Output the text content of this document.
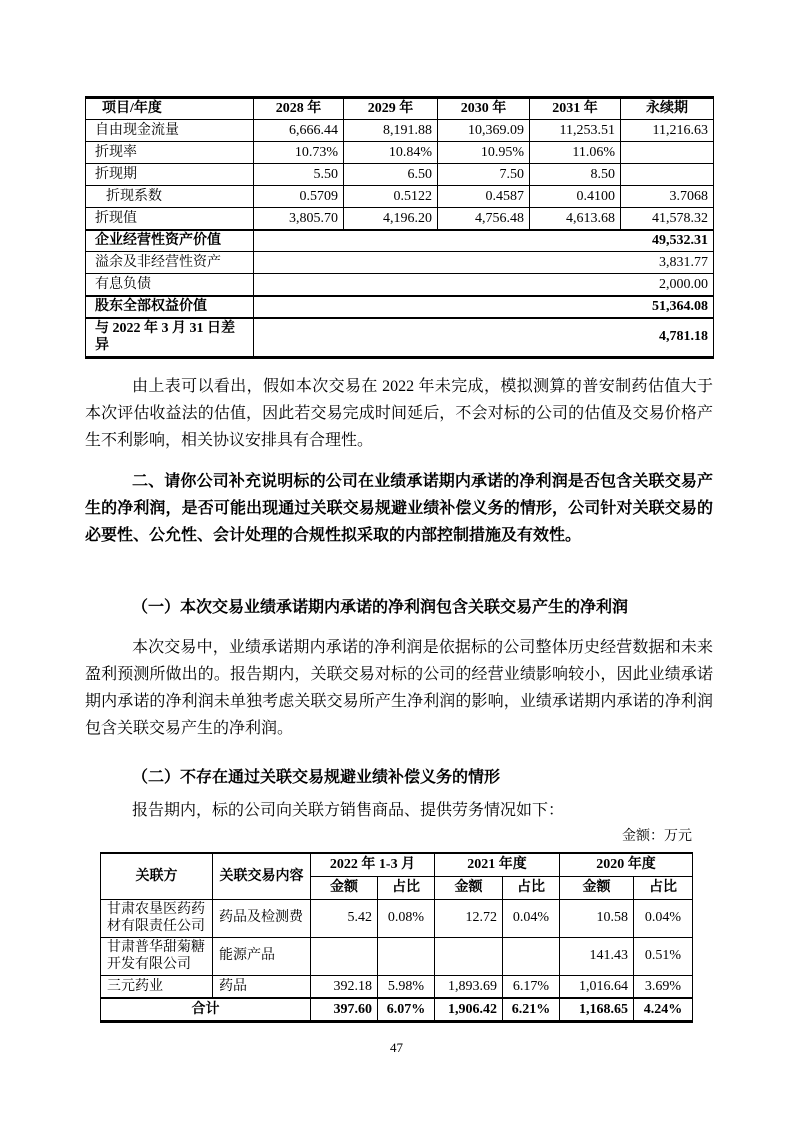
项目/年度	2028 年	2029 年	2030 年	2031 年	永续期
自由现金流量	6,666.44	8,191.88	10,369.09	11,253.51	11,216.63
折现率	10.73%	10.84%	10.95%	11.06%	
折现期	5.50	6.50	7.50	8.50	
折现系数	0.5709	0.5122	0.4587	0.4100	3.7068
折现值	3,805.70	4,196.20	4,756.48	4,613.68	41,578.32
企业经营性资产价值	49,532.31				
溢余及非经营性资产	3,831.77				
有息负债	2,000.00				
股东全部权益价值	51,364.08				
与 2022 年 3 月 31 日差异	4,781.18				
由上表可以看出，假如本次交易在 2022 年未完成，模拟测算的普安制药估值大于本次评估收益法的估值，因此若交易完成时间延后，不会对标的公司的估值及交易价格产生不利影响，相关协议安排具有合理性。
二、请你公司补充说明标的公司在业绩承诺期内承诺的净利润是否包含关联交易产生的净利润，是否可能出现通过关联交易规避业绩补偿义务的情形，公司针对关联交易的必要性、公允性、会计处理的合规性拟采取的内部控制措施及有效性。
（一）本次交易业绩承诺期内承诺的净利润包含关联交易产生的净利润
本次交易中，业绩承诺期内承诺的净利润是依据标的公司整体历史经营数据和未来盈利预测所做出的。报告期内，关联交易对标的公司的经营业绩影响较小，因此业绩承诺期内承诺的净利润未单独考虑关联交易所产生净利润的影响，业绩承诺期内承诺的净利润包含关联交易产生的净利润。
（二）不存在通过关联交易规避业绩补偿义务的情形
报告期内，标的公司向关联方销售商品、提供劳务情况如下：
金额：万元
关联方	关联交易内容	2022 年 1-3 月		2021 年度		2020 年度	
		金额	占比	金额	占比	金额	占比
甘肃农垦医药药材有限责任公司	药品及检测费	5.42	0.08%	12.72	0.04%	10.58	0.04%
甘肃普华甜菊糖开发有限公司	能源产品					141.43	0.51%
三元药业	药品	392.18	5.98%	1,893.69	6.17%	1,016.64	3.69%
合计		397.60	6.07%	1,906.42	6.21%	1,168.65	4.24%
47
